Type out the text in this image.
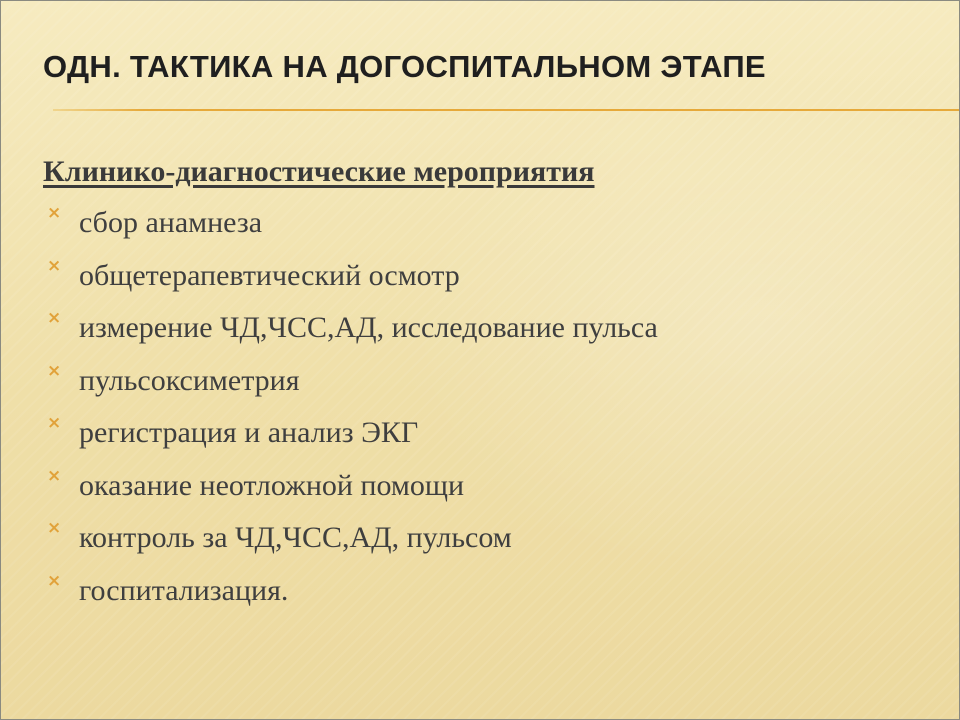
ОДН. ТАКТИКА НА ДОГОСПИТАЛЬНОМ ЭТАПЕ
Клинико-диагностические мероприятия
× сбор анамнеза
× общетерапевтический осмотр
× измерение ЧД,ЧСС,АД, исследование пульса
× пульсоксиметрия
× регистрация и анализ ЭКГ
× оказание неотложной помощи
× контроль за ЧД,ЧСС,АД, пульсом
× госпитализация.
